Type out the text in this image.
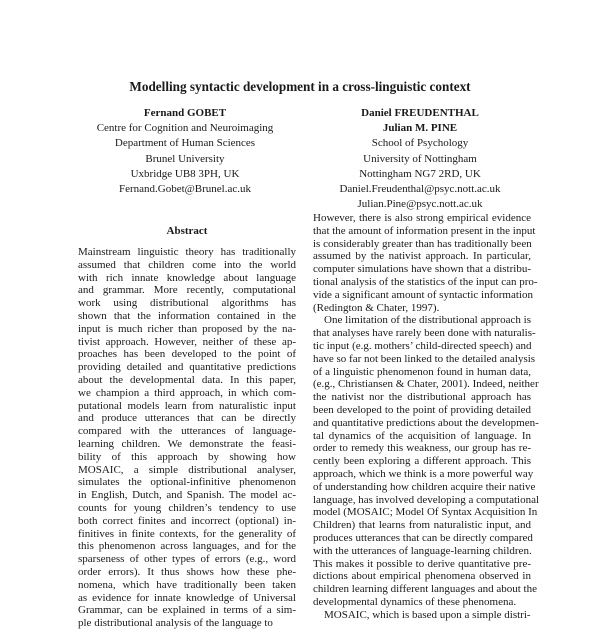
Modelling syntactic development in a cross-linguistic context
Fernand GOBET
Centre for Cognition and Neuroimaging
Department of Human Sciences
Brunel University
Uxbridge UB8 3PH, UK
Fernand.Gobet@Brunel.ac.uk
Daniel FREUDENTHAL
Julian M. PINE
School of Psychology
University of Nottingham
Nottingham NG7 2RD, UK
Daniel.Freudenthal@psyc.nott.ac.uk
Julian.Pine@psyc.nott.ac.uk
Abstract
Mainstream linguistic theory has traditionally
assumed that children come into the world
with rich innate knowledge about language
and grammar. More recently, computational
work using distributional algorithms has
shown that the information contained in the
input is much richer than proposed by the na-
tivist approach. However, neither of these ap-
proaches has been developed to the point of
providing detailed and quantitative predictions
about the developmental data. In this paper,
we champion a third approach, in which com-
putational models learn from naturalistic input
and produce utterances that can be directly
compared with the utterances of language-
learning children. We demonstrate the feasi-
bility of this approach by showing how
MOSAIC, a simple distributional analyser,
simulates the optional-infinitive phenomenon
in English, Dutch, and Spanish. The model ac-
counts for young children’s tendency to use
both correct finites and incorrect (optional) in-
finitives in finite contexts, for the generality of
this phenomenon across languages, and for the
sparseness of other types of errors (e.g., word
order errors). It thus shows how these phe-
nomena, which have traditionally been taken
as evidence for innate knowledge of Universal
Grammar, can be explained in terms of a sim-
ple distributional analysis of the language to
However, there is also strong empirical evidence
that the amount of information present in the input
is considerably greater than has traditionally been
assumed by the nativist approach. In particular,
computer simulations have shown that a distribu-
tional analysis of the statistics of the input can pro-
vide a significant amount of syntactic information
(Redington & Chater, 1997).
One limitation of the distributional approach is
that analyses have rarely been done with naturalis-
tic input (e.g. mothers’ child-directed speech) and
have so far not been linked to the detailed analysis
of a linguistic phenomenon found in human data,
(e.g., Christiansen & Chater, 2001). Indeed, neither
the nativist nor the distributional approach has
been developed to the point of providing detailed
and quantitative predictions about the developmen-
tal dynamics of the acquisition of language. In
order to remedy this weakness, our group has re-
cently been exploring a different approach. This
approach, which we think is a more powerful way
of understanding how children acquire their native
language, has involved developing a computational
model (MOSAIC; Model Of Syntax Acquisition In
Children) that learns from naturalistic input, and
produces utterances that can be directly compared
with the utterances of language-learning children.
This makes it possible to derive quantitative pre-
dictions about empirical phenomena observed in
children learning different languages and about the
developmental dynamics of these phenomena.
MOSAIC, which is based upon a simple distri-
